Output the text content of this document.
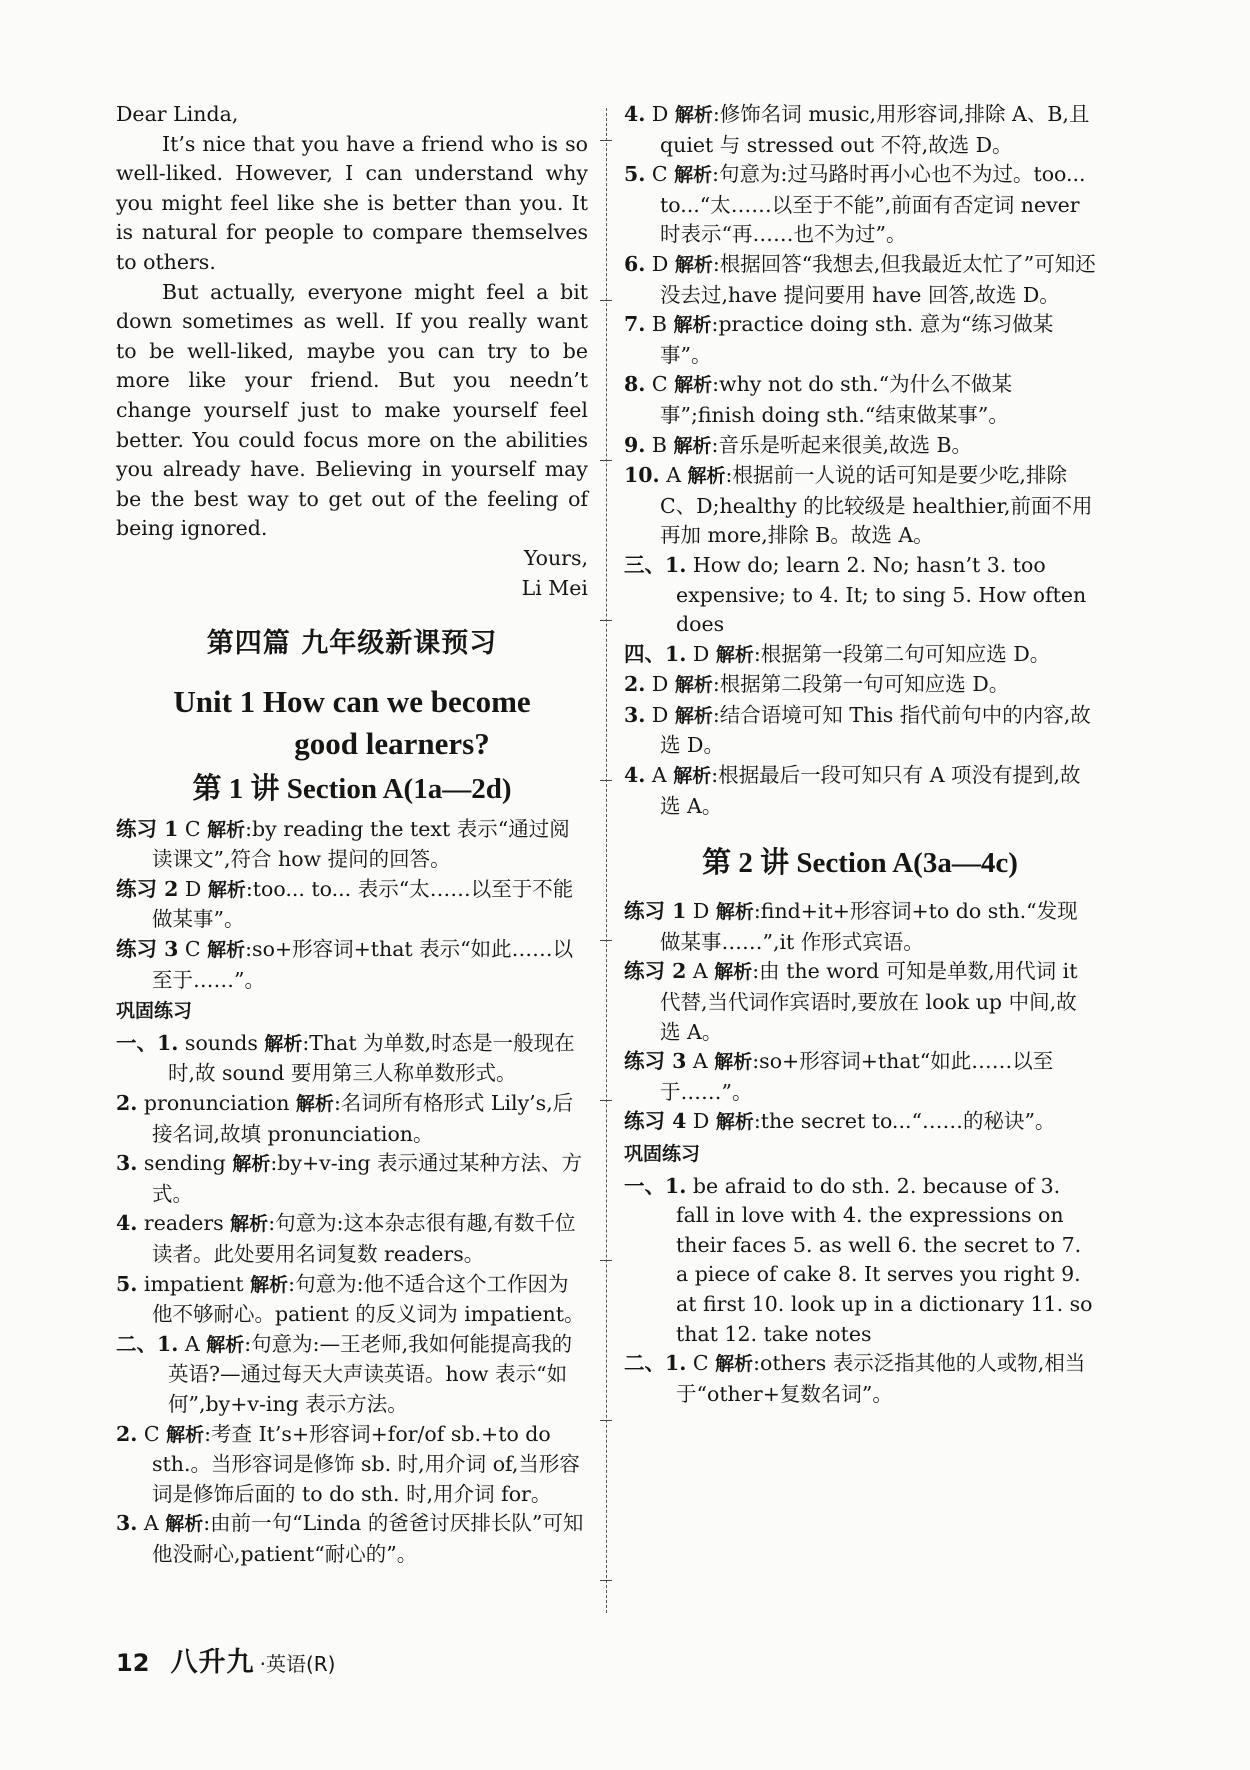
Dear Linda,

It’s nice that you have a friend who is so well-liked. However, I can understand why you might feel like she is better than you. It is natural for people to compare themselves to others.

But actually, everyone might feel a bit down sometimes as well. If you really want to be well-liked, maybe you can try to be more like your friend. But you needn’t change yourself just to make yourself feel better. You could focus more on the abilities you already have. Believing in yourself may be the best way to get out of the feeling of being ignored.

Yours,

Li Mei

第四篇 九年级新课预习
Unit 1 How can we become
good learners?
第 1 讲 Section A(1a—2d)

练习 1 C 解析:by reading the text 表示“通过阅读课文”,符合 how 提问的回答。

练习 2 D 解析:too... to... 表示“太……以至于不能做某事”。

练习 3 C 解析:so+形容词+that 表示“如此……以至于……”。

巩固练习

一、1. sounds 解析:That 为单数,时态是一般现在时,故 sound 要用第三人称单数形式。

2. pronunciation 解析:名词所有格形式 Lily’s,后接名词,故填 pronunciation。

3. sending 解析:by+v-ing 表示通过某种方法、方式。

4. readers 解析:句意为:这本杂志很有趣,有数千位读者。此处要用名词复数 readers。

5. impatient 解析:句意为:他不适合这个工作因为他不够耐心。patient 的反义词为 impatient。

二、1. A 解析:句意为:—王老师,我如何能提高我的英语?—通过每天大声读英语。how 表示“如何”,by+v-ing 表示方法。

2. C 解析:考查 It’s+形容词+for/of sb.+to do sth.。当形容词是修饰 sb. 时,用介词 of,当形容词是修饰后面的 to do sth. 时,用介词 for。

3. A 解析:由前一句“Linda 的爸爸讨厌排长队”可知他没耐心,patient“耐心的”。

4. D 解析:修饰名词 music,用形容词,排除 A、B,且 quiet 与 stressed out 不符,故选 D。

5. C 解析:句意为:过马路时再小心也不为过。too... to...“太……以至于不能”,前面有否定词 never 时表示“再……也不为过”。

6. D 解析:根据回答“我想去,但我最近太忙了”可知还没去过,have 提问要用 have 回答,故选 D。

7. B 解析:practice doing sth. 意为“练习做某事”。

8. C 解析:why not do sth.“为什么不做某事”;finish doing sth.“结束做某事”。

9. B 解析:音乐是听起来很美,故选 B。

10. A 解析:根据前一人说的话可知是要少吃,排除 C、D;healthy 的比较级是 healthier,前面不用再加 more,排除 B。故选 A。

三、1. How do; learn 2. No; hasn’t 3. too expensive; to 4. It; to sing 5. How often does

四、1. D 解析:根据第一段第二句可知应选 D。

2. D 解析:根据第二段第一句可知应选 D。

3. D 解析:结合语境可知 This 指代前句中的内容,故选 D。

4. A 解析:根据最后一段可知只有 A 项没有提到,故选 A。

第 2 讲 Section A(3a—4c)

练习 1 D 解析:find+it+形容词+to do sth.“发现做某事……”,it 作形式宾语。

练习 2 A 解析:由 the word 可知是单数,用代词 it 代替,当代词作宾语时,要放在 look up 中间,故选 A。

练习 3 A 解析:so+形容词+that“如此……以至于……”。

练习 4 D 解析:the secret to...“……的秘诀”。

巩固练习

一、1. be afraid to do sth. 2. because of 3. fall in love with 4. the expressions on their faces 5. as well 6. the secret to 7. a piece of cake 8. It serves you right 9. at first 10. look up in a dictionary 11. so that 12. take notes

二、1. C 解析:others 表示泛指其他的人或物,相当于“other+复数名词”。

12 八升九 ·英语(R)
